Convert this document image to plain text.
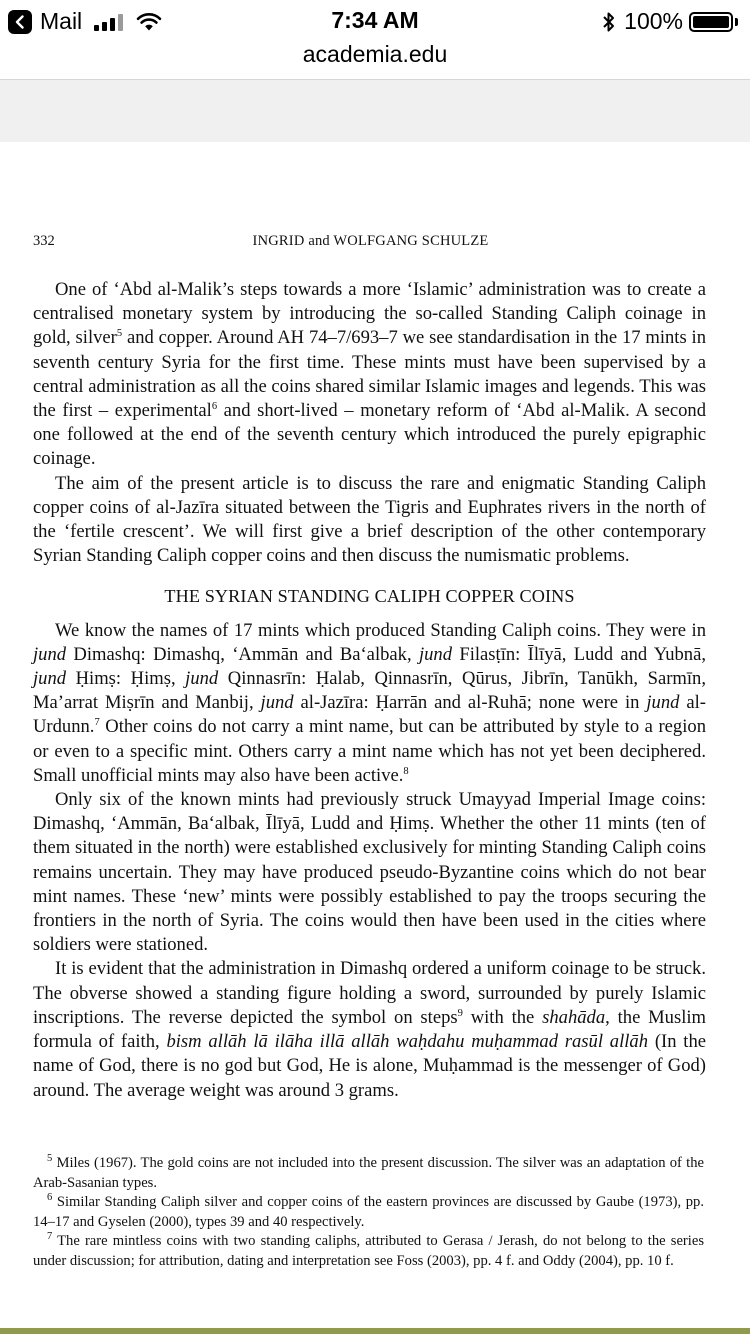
Mail	7:34 AM	100%
academia.edu
332	INGRID and WOLFGANG SCHULZE

One of ‘Abd al-Malik’s steps towards a more ‘Islamic’ administration was to create a centralised monetary system by introducing the so-called Standing Caliph coinage in gold, silver$^5$ and copper. Around AH 74–7/693–7 we see standardisation in the 17 mints in seventh century Syria for the first time. These mints must have been supervised by a central administration as all the coins shared similar Islamic images and legends. This was the first – experimental$^6$ and short-lived – monetary reform of ‘Abd al-Malik. A second one followed at the end of the seventh century which introduced the purely epigraphic coinage.

The aim of the present article is to discuss the rare and enigmatic Standing Caliph copper coins of al-Jazīra situated between the Tigris and Euphrates rivers in the north of the ‘fertile crescent’. We will first give a brief description of the other contemporary Syrian Standing Caliph copper coins and then discuss the numismatic problems.

THE SYRIAN STANDING CALIPH COPPER COINS

We know the names of 17 mints which produced Standing Caliph coins. They were in jund Dimashq: Dimashq, ‘Ammān and Ba‘albak, jund Filasṭīn: Īlīyā, Ludd and Yubnā, jund Ḥimṣ: Ḥimṣ, jund Qinnasrīn: Ḥalab, Qinnasrīn, Qūrus, Jibrīn, Tanūkh, Sarmīn, Ma’arrat Miṣrīn and Manbij, jund al-Jazīra: Ḥarrān and al-Ruhā; none were in jund al-Urdunn.$^7$ Other coins do not carry a mint name, but can be attributed by style to a region or even to a specific mint. Others carry a mint name which has not yet been deciphered. Small unofficial mints may also have been active.$^8$

Only six of the known mints had previously struck Umayyad Imperial Image coins: Dimashq, ‘Ammān, Ba‘albak, Īlīyā, Ludd and Ḥimṣ. Whether the other 11 mints (ten of them situated in the north) were established exclusively for minting Standing Caliph coins remains uncertain. They may have produced pseudo-Byzantine coins which do not bear mint names. These ‘new’ mints were possibly established to pay the troops securing the frontiers in the north of Syria. The coins would then have been used in the cities where soldiers were stationed.

It is evident that the administration in Dimashq ordered a uniform coinage to be struck. The obverse showed a standing figure holding a sword, surrounded by purely Islamic inscriptions. The reverse depicted the symbol on steps$^9$ with the shahāda, the Muslim formula of faith, bism allāh lā ilāha illā allāh waḥdahu muḥammad rasūl allāh (In the name of God, there is no god but God, He is alone, Muḥammad is the messenger of God) around. The average weight was around 3 grams.

$^5$ Miles (1967). The gold coins are not included into the present discussion. The silver was an adaptation of the Arab-Sasanian types.

$^6$ Similar Standing Caliph silver and copper coins of the eastern provinces are discussed by Gaube (1973), pp. 14–17 and Gyselen (2000), types 39 and 40 respectively.

$^7$ The rare mintless coins with two standing caliphs, attributed to Gerasa / Jerash, do not belong to the series under discussion; for attribution, dating and interpretation see Foss (2003), pp. 4 f. and Oddy (2004), pp. 10 f.
